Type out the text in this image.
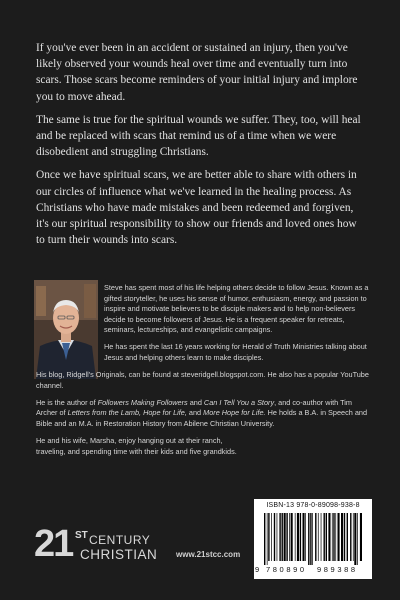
If you've ever been in an accident or sustained an injury, then you've likely observed your wounds heal over time and eventually turn into scars. Those scars become reminders of your initial injury and implore you to move ahead.

The same is true for the spiritual wounds we suffer. They, too, will heal and be replaced with scars that remind us of a time when we were disobedient and struggling Christians.

Once we have spiritual scars, we are better able to share with others in our circles of influence what we've learned in the healing process. As Christians who have made mistakes and been redeemed and forgiven, it's our spiritual responsibility to show our friends and loved ones how to turn their wounds into scars.

Steve has spent most of his life helping others decide to follow Jesus. Known as a gifted storyteller, he uses his sense of humor, enthusiasm, energy, and passion to inspire and motivate believers to be disciple makers and to help non-believers decide to become followers of Jesus. He is a frequent speaker for retreats, seminars, lectureships, and evangelistic campaigns.

He has spent the last 16 years working for Herald of Truth Ministries talking about Jesus and helping others learn to make disciples.

His blog, Ridgell's Originals, can be found at steveridgell.blogspot.com. He also has a popular YouTube channel.

He is the author of Followers Making Followers and Can I Tell You a Story, and co-author with Tim Archer of Letters from the Lamb, Hope for Life, and More Hope for Life. He holds a B.A. in Speech and Bible and an M.A. in Restoration History from Abilene Christian University.

He and his wife, Marsha, enjoy hanging out at their ranch, traveling, and spending time with their kids and five grandkids.

21 ST CENTURY
CHRISTIAN www.21stcc.com
ISBN-13 978-0-89098-938-8
9 780890 989388
